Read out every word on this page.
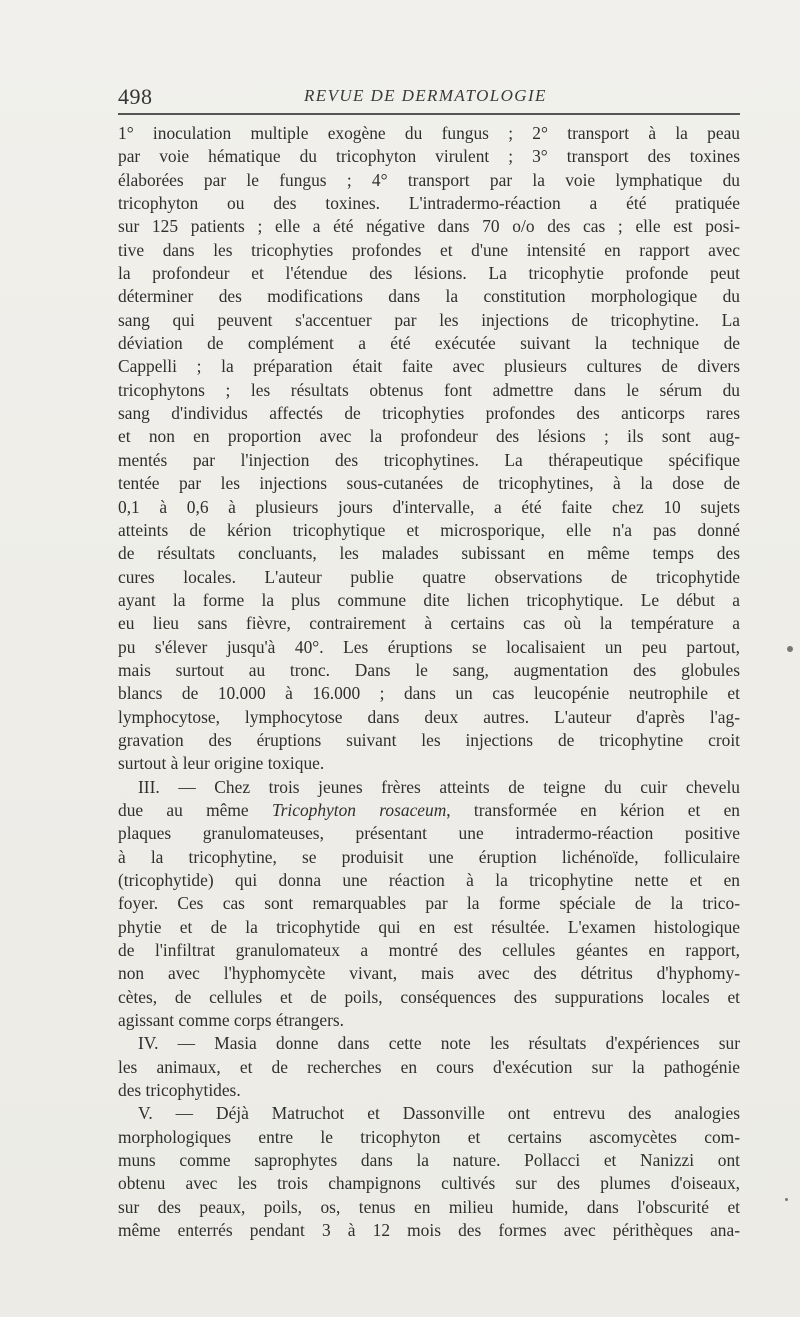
498	REVUE DE DERMATOLOGIE
1° inoculation multiple exogène du fungus ; 2° transport à la peau
par voie hématique du tricophyton virulent ; 3° transport des toxines
élaborées par le fungus ; 4° transport par la voie lymphatique du
tricophyton ou des toxines. L'intradermo-réaction a été pratiquée
sur 125 patients ; elle a été négative dans 70 o/o des cas ; elle est posi-
tive dans les tricophyties profondes et d'une intensité en rapport avec
la profondeur et l'étendue des lésions. La tricophytie profonde peut
déterminer des modifications dans la constitution morphologique du
sang qui peuvent s'accentuer par les injections de tricophytine. La
déviation de complément a été exécutée suivant la technique de
Cappelli ; la préparation était faite avec plusieurs cultures de divers
tricophytons ; les résultats obtenus font admettre dans le sérum du
sang d'individus affectés de tricophyties profondes des anticorps rares
et non en proportion avec la profondeur des lésions ; ils sont aug-
mentés par l'injection des tricophytines. La thérapeutique spécifique
tentée par les injections sous-cutanées de tricophytines, à la dose de
0,1 à 0,6 à plusieurs jours d'intervalle, a été faite chez 10 sujets
atteints de kérion tricophytique et microsporique, elle n'a pas donné
de résultats concluants, les malades subissant en même temps des
cures locales. L'auteur publie quatre observations de tricophytide
ayant la forme la plus commune dite lichen tricophytique. Le début a
eu lieu sans fièvre, contrairement à certains cas où la température a
pu s'élever jusqu'à 40°. Les éruptions se localisaient un peu partout,
mais surtout au tronc. Dans le sang, augmentation des globules
blancs de 10.000 à 16.000 ; dans un cas leucopénie neutrophile et
lymphocytose, lymphocytose dans deux autres. L'auteur d'après l'ag-
gravation des éruptions suivant les injections de tricophytine croit
surtout à leur origine toxique.
III. — Chez trois jeunes frères atteints de teigne du cuir chevelu
due au même Tricophyton rosaceum, transformée en kérion et en
plaques granulomateuses, présentant une intradermo-réaction positive
à la tricophytine, se produisit une éruption lichénoïde, folliculaire
(tricophytide) qui donna une réaction à la tricophytine nette et en
foyer. Ces cas sont remarquables par la forme spéciale de la trico-
phytie et de la tricophytide qui en est résultée. L'examen histologique
de l'infiltrat granulomateux a montré des cellules géantes en rapport,
non avec l'hyphomycète vivant, mais avec des détritus d'hyphomy-
cètes, de cellules et de poils, conséquences des suppurations locales et
agissant comme corps étrangers.
IV. — Masia donne dans cette note les résultats d'expériences sur
les animaux, et de recherches en cours d'exécution sur la pathogénie
des tricophytides.
V. — Déjà Matruchot et Dassonville ont entrevu des analogies
morphologiques entre le tricophyton et certains ascomycètes com-
muns comme saprophytes dans la nature. Pollacci et Nanizzi ont
obtenu avec les trois champignons cultivés sur des plumes d'oiseaux,
sur des peaux, poils, os, tenus en milieu humide, dans l'obscurité et
même enterrés pendant 3 à 12 mois des formes avec périthèques ana-
